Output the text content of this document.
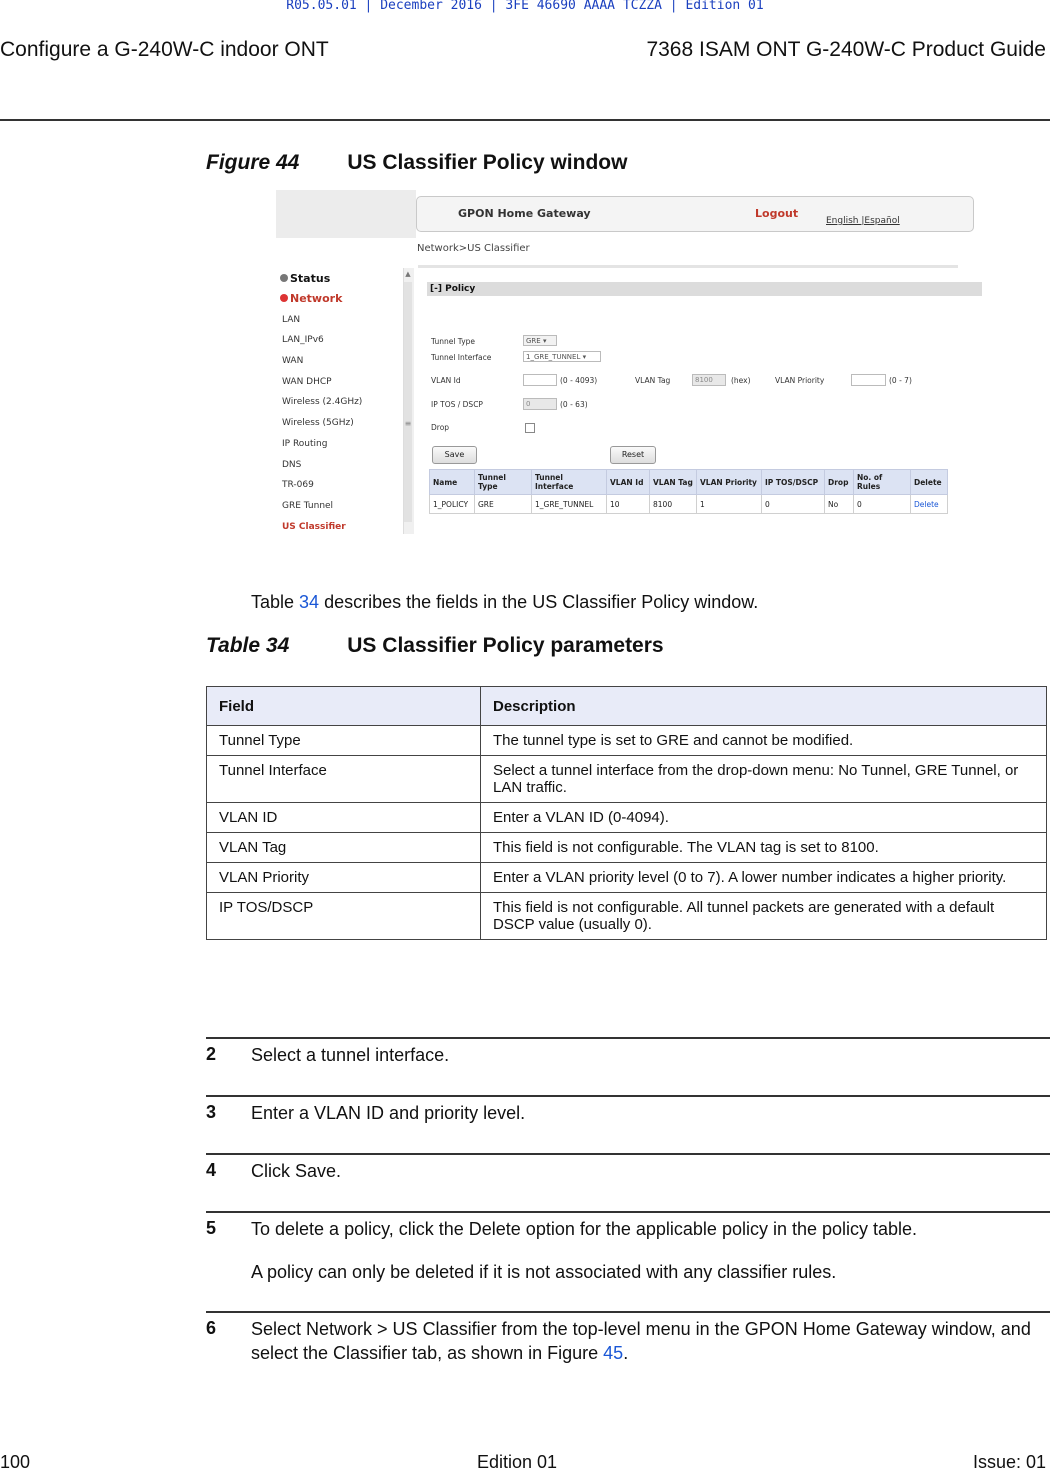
R05.05.01 | December 2016 | 3FE 46690 AAAA TCZZA | Edition 01
Configure a G-240W-C indoor ONT	7368 ISAM ONT G-240W-C Product Guide
Figure 44 US Classifier Policy window
GPON Home Gateway	Logout
English |Español
Network>US Classifier
▲
≡
Status
Network
LAN
LAN_IPv6
WAN
WAN DHCP
Wireless (2.4GHz)
Wireless (5GHz)
IP Routing
DNS
TR-069
GRE Tunnel
US Classifier
[-] Policy
Tunnel Type	GRE ▾
Tunnel Interface	1_GRE_TUNNEL ▾
VLAN Id	(0 - 4093)	VLAN Tag	8100	(hex)	VLAN Priority	(0 - 7)
IP TOS / DSCP	0	(0 - 63)
Drop
Save	Reset
Name	Tunnel Type	Tunnel Interface	VLAN Id	VLAN Tag	VLAN Priority	IP TOS/DSCP	Drop	No. of Rules	Delete
1_POLICY	GRE	1_GRE_TUNNEL	10	8100	1	0	No	0	Delete
Table 34 describes the fields in the US Classifier Policy window.
Table 34	US Classifier Policy parameters
Field	Description
Tunnel Type	The tunnel type is set to GRE and cannot be modified.
Tunnel Interface	Select a tunnel interface from the drop-down menu: No Tunnel, GRE Tunnel, or LAN traffic.
VLAN ID	Enter a VLAN ID (0-4094).
VLAN Tag	This field is not configurable. The VLAN tag is set to 8100.
VLAN Priority	Enter a VLAN priority level (0 to 7). A lower number indicates a higher priority.
IP TOS/DSCP	This field is not configurable. All tunnel packets are generated with a default DSCP value (usually 0).
2 Select a tunnel interface.
3 Enter a VLAN ID and priority level.
4 Click Save.
5 To delete a policy, click the Delete option for the applicable policy in the policy table.
A policy can only be deleted if it is not associated with any classifier rules.
6 Select Network > US Classifier from the top-level menu in the GPON Home Gateway window, and select the Classifier tab, as shown in Figure 45.
100	Edition 01	Issue: 01
